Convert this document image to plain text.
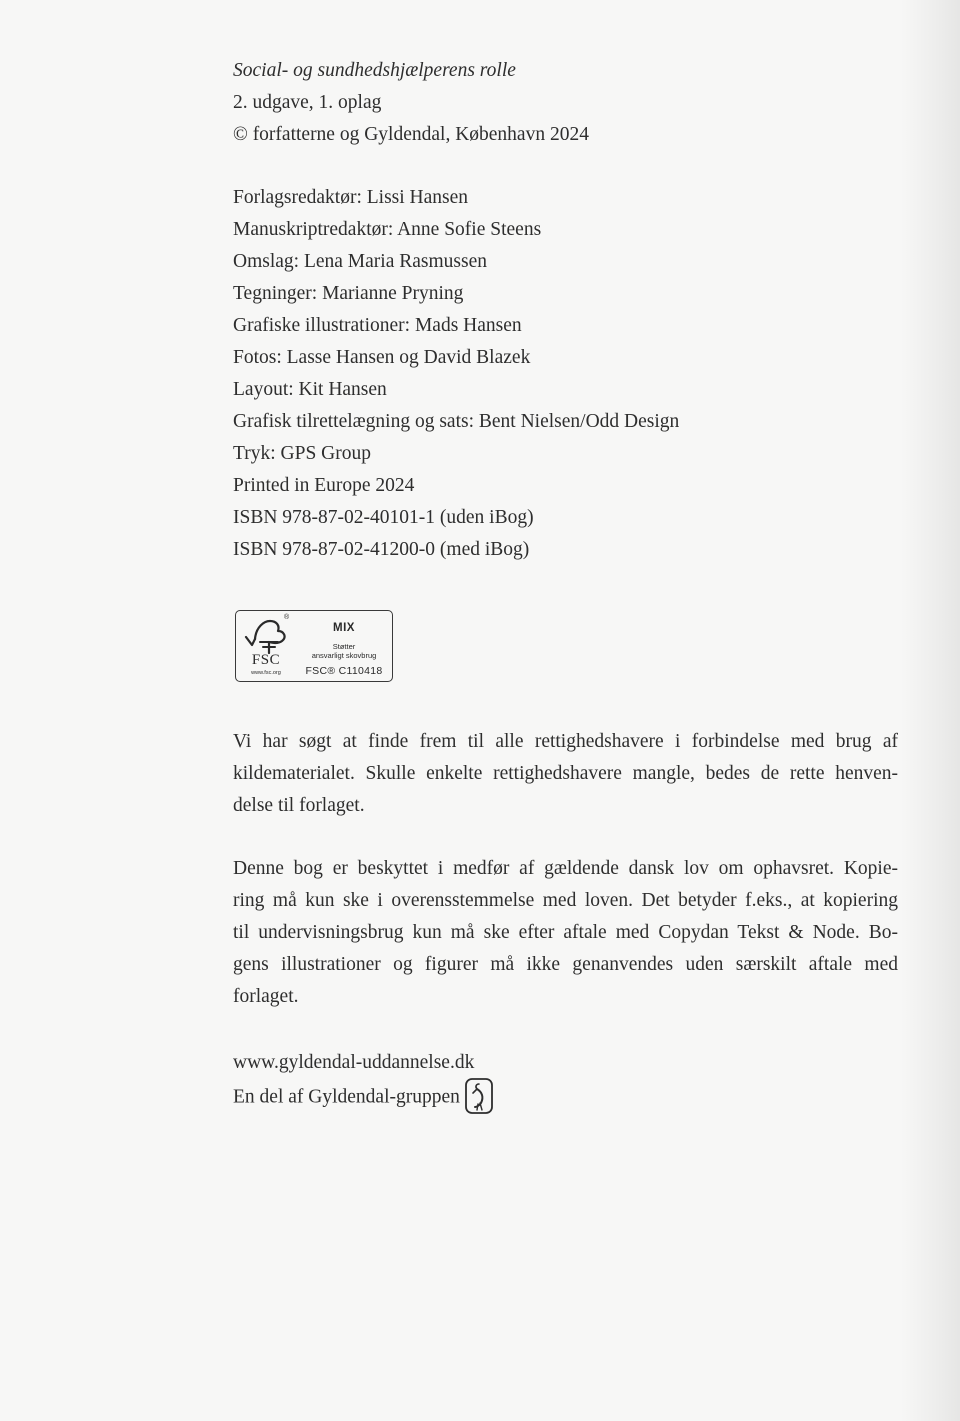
Social- og sundhedshjælperens rolle
2. udgave, 1. oplag
© forfatterne og Gyldendal, København 2024
Forlagsredaktør: Lissi Hansen
Manuskriptredaktør: Anne Sofie Steens
Omslag: Lena Maria Rasmussen
Tegninger: Marianne Pryning
Grafiske illustrationer: Mads Hansen
Fotos: Lasse Hansen og David Blazek
Layout: Kit Hansen
Grafisk tilrettelægning og sats: Bent Nielsen/Odd Design
Tryk: GPS Group
Printed in Europe 2024
ISBN 978-87-02-40101-1 (uden iBog)
ISBN 978-87-02-41200-0 (med iBog)
®
FSC
www.fsc.org
MIX
Støtter
ansvarligt skovbrug
FSC® C110418
Vi har søgt at finde frem til alle rettighedshavere i forbindelse med brug af
kildematerialet. Skulle enkelte rettighedshavere mangle, bedes de rette henven-
delse til forlaget.
Denne bog er beskyttet i medfør af gældende dansk lov om ophavsret. Kopie-
ring må kun ske i overensstemmelse med loven. Det betyder f.eks., at kopiering
til undervisningsbrug kun må ske efter aftale med Copydan Tekst & Node. Bo-
gens illustrationer og figurer må ikke genanvendes uden særskilt aftale med
forlaget.
www.gyldendal-uddannelse.dk
En del af Gyldendal-gruppen
